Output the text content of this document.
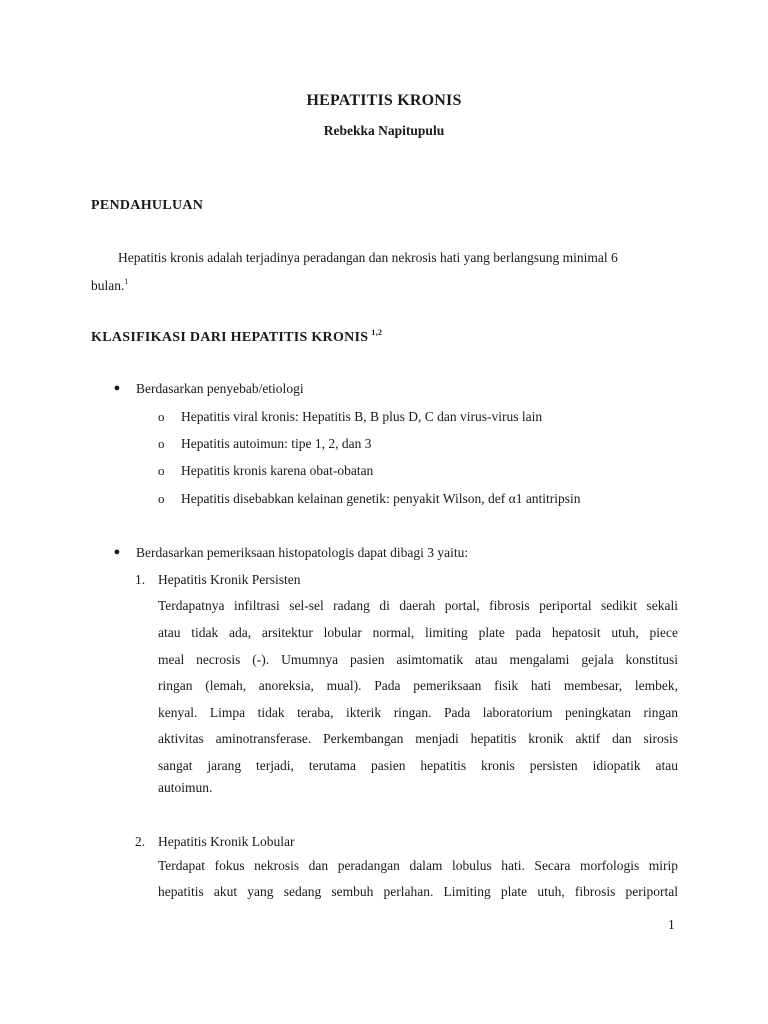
HEPATITIS KRONIS
Rebekka Napitupulu
PENDAHULUAN
Hepatitis kronis adalah terjadinya peradangan dan nekrosis hati yang berlangsung minimal 6
bulan.$^1$
KLASIFIKASI DARI HEPATITIS KRONIS $^{1,2}$
● Berdasarkan penyebab/etiologi
o Hepatitis viral kronis: Hepatitis B, B plus D, C dan virus-virus lain
o Hepatitis autoimun: tipe 1, 2, dan 3
o Hepatitis kronis karena obat-obatan
o Hepatitis disebabkan kelainan genetik: penyakit Wilson, def α1 antitripsin
● Berdasarkan pemeriksaan histopatologis dapat dibagi 3 yaitu:
1. Hepatitis Kronik Persisten
Terdapatnya infiltrasi sel-sel radang di daerah portal, fibrosis periportal sedikit sekali
atau tidak ada, arsitektur lobular normal, limiting plate pada hepatosit utuh, piece
meal necrosis (-). Umumnya pasien asimtomatik atau mengalami gejala konstitusi
ringan (lemah, anoreksia, mual). Pada pemeriksaan fisik hati membesar, lembek,
kenyal. Limpa tidak teraba, ikterik ringan. Pada laboratorium peningkatan ringan
aktivitas aminotransferase. Perkembangan menjadi hepatitis kronik aktif dan sirosis
sangat jarang terjadi, terutama pasien hepatitis kronis persisten idiopatik atau
autoimun.
2. Hepatitis Kronik Lobular
Terdapat fokus nekrosis dan peradangan dalam lobulus hati. Secara morfologis mirip
hepatitis akut yang sedang sembuh perlahan. Limiting plate utuh, fibrosis periportal
1
